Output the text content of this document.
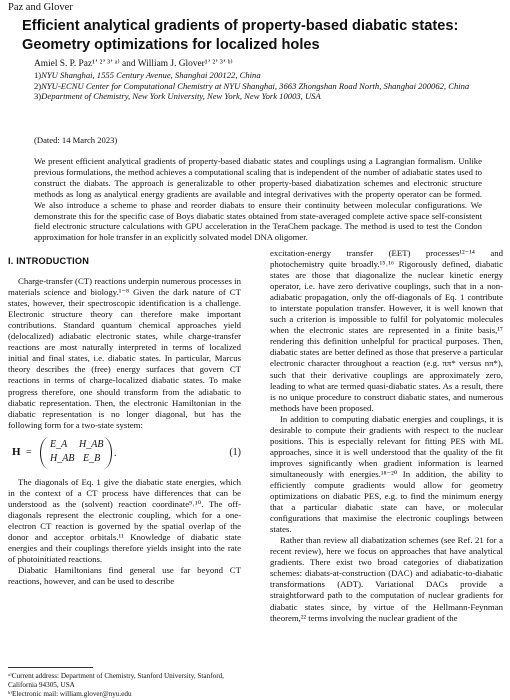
Paz and Glover
Efficient analytical gradients of property-based diabatic states: Geometry optimizations for localized holes
Amiel S. P. Paz¹’ ²’ ³’ ᵃ⁾ and William J. Glover¹’ ²’ ³’ ᵇ⁾

1)NYU Shanghai, 1555 Century Avenue, Shanghai 200122, China

2)NYU-ECNU Center for Computational Chemistry at NYU Shanghai, 3663 Zhongshan Road North, Shanghai 200062, China

3)Department of Chemistry, New York University, New York, New York 10003, USA

(Dated: 14 March 2023)

We present efficient analytical gradients of property-based diabatic states and couplings using a Lagrangian formalism. Unlike previous formulations, the method achieves a computational scaling that is independent of the number of adiabatic states used to construct the diabats. The approach is generalizable to other property-based diabatization schemes and electronic structure methods as long as analytical energy gradients are available and integral derivatives with the property operator can be formed. We also introduce a scheme to phase and reorder diabats to ensure their continuity between molecular configurations. We demonstrate this for the specific case of Boys diabatic states obtained from state-averaged complete active space self-consistent field electronic structure calculations with GPU acceleration in the TeraChem package. The method is used to test the Condon approximation for hole transfer in an explicitly solvated model DNA oligomer.

I. INTRODUCTION

Charge-transfer (CT) reactions underpin numerous processes in materials science and biology.¹⁻⁸ Given the dark nature of CT states, however, their spectroscopic identification is a challenge. Electronic structure theory can therefore make important contributions. Standard quantum chemical approaches yield (delocalized) adiabatic electronic states, while charge-transfer reactions are most naturally interpreted in terms of localized initial and final states, i.e. diabatic states. In particular, Marcus theory describes the (free) energy surfaces that govern CT reactions in terms of charge-localized diabatic states. To make progress therefore, one should transform from the adiabatic to diabatic representation. Then, the electronic Hamiltonian in the diabatic representation is no longer diagonal, but has the following form for a two-state system:

H =
E_A H_AB
H_AB E_B .	(1)

The diagonals of Eq. 1 give the diabatic state energies, which in the context of a CT process have differences that can be understood as the (solvent) reaction coordinate⁹˒¹⁰. The off-diagonals represent the electronic coupling, which for a one-electron CT reaction is governed by the spatial overlap of the donor and acceptor orbitals.¹¹ Knowledge of diabatic state energies and their couplings therefore yields insight into the rate of photoinitiated reactions.

Diabatic Hamiltonians find general use far beyond CT reactions, however, and can be used to describe

excitation-energy transfer (EET) processes¹²⁻¹⁴ and photochemistry quite broadly.¹⁵˒¹⁶ Rigorously defined, diabatic states are those that diagonalize the nuclear kinetic energy operator, i.e. have zero derivative couplings, such that in a non-adiabatic propagation, only the off-diagonals of Eq. 1 contribute to interstate population transfer. However, it is well known that such a criterion is impossible to fulfil for polyatomic molecules when the electronic states are represented in a finite basis,¹⁷ rendering this definition unhelpful for practical purposes. Then, diabatic states are better defined as those that preserve a particular electronic character throughout a reaction (e.g. ππ* versus nπ*), such that their derivative couplings are approximately zero, leading to what are termed quasi-diabatic states. As a result, there is no unique procedure to construct diabatic states, and numerous methods have been proposed.

In addition to computing diabatic energies and couplings, it is desirable to compute their gradients with respect to the nuclear positions. This is especially relevant for fitting PES with ML approaches, since it is well understood that the quality of the fit improves significantly when gradient information is learned simultaneously with energies.¹⁸⁻²⁰ In addition, the ability to efficiently compute gradients would allow for geometry optimizations on diabatic PES, e.g. to find the minimum energy that a particular diabatic state can have, or molecular configurations that maximise the electronic couplings between states.

Rather than review all diabatization schemes (see Ref. 21 for a recent review), here we focus on approaches that have analytical gradients. There exist two broad categories of diabatization schemes: diabats-at-construction (DAC) and adiabatic-to-diabatic transformations (ADT). Variational DACs provide a straightforward path to the computation of nuclear gradients for diabatic states since, by virtue of the Hellmann-Feynman theorem,²² terms involving the nuclear gradient of the

ᵃ⁾Current address: Department of Chemistry, Stanford University, Stanford, California 94305, USA

ᵇ⁾Electronic mail: william.glover@nyu.edu
